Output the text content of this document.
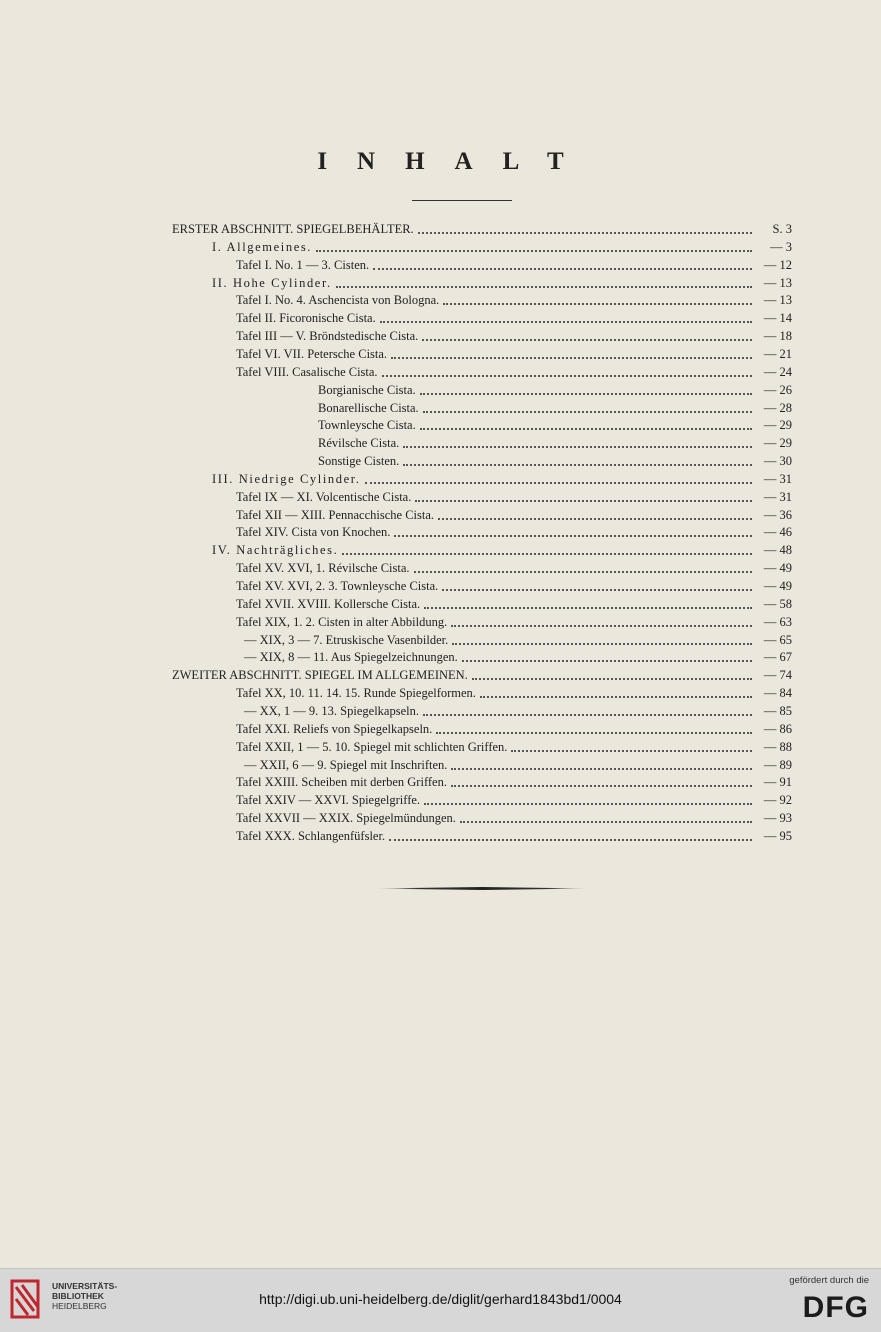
INHALT
ERSTER ABSCHNITT. SPIEGELBEHÄLTER.	S. 3
I. Allgemeines.	— 3
Tafel I. No. 1 — 3. Cisten.	— 12
II. Hohe Cylinder.	— 13
Tafel I. No. 4. Aschencista von Bologna.	— 13
Tafel II. Ficoronische Cista.	— 14
Tafel III — V. Bröndstedische Cista.	— 18
Tafel VI. VII. Petersche Cista.	— 21
Tafel VIII. Casalische Cista.	— 24
Borgianische Cista.	— 26
Bonarellische Cista.	— 28
Townleysche Cista.	— 29
Révilsche Cista.	— 29
Sonstige Cisten.	— 30
III. Niedrige Cylinder.	— 31
Tafel IX — XI. Volcentische Cista.	— 31
Tafel XII — XIII. Pennacchische Cista.	— 36
Tafel XIV. Cista von Knochen.	— 46
IV. Nachträgliches.	— 48
Tafel XV. XVI, 1. Révilsche Cista.	— 49
Tafel XV. XVI, 2. 3. Townleysche Cista.	— 49
Tafel XVII. XVIII. Kollersche Cista.	— 58
Tafel XIX, 1. 2. Cisten in alter Abbildung.	— 63
— XIX, 3 — 7. Etruskische Vasenbilder.	— 65
— XIX, 8 — 11. Aus Spiegelzeichnungen.	— 67
ZWEITER ABSCHNITT. SPIEGEL IM ALLGEMEINEN.	— 74
Tafel XX, 10. 11. 14. 15. Runde Spiegelformen.	— 84
— XX, 1 — 9. 13. Spiegelkapseln.	— 85
Tafel XXI. Reliefs von Spiegelkapseln.	— 86
Tafel XXII, 1 — 5. 10. Spiegel mit schlichten Griffen.	— 88
— XXII, 6 — 9. Spiegel mit Inschriften.	— 89
Tafel XXIII. Scheiben mit derben Griffen.	— 91
Tafel XXIV — XXVI. Spiegelgriffe.	— 92
Tafel XXVII — XXIX. Spiegelmündungen.	— 93
Tafel XXX. Schlangenfüfsler.	— 95
UNIVERSITÄTS-
BIBLIOTHEK
HEIDELBERG	http://digi.ub.uni-heidelberg.de/diglit/gerhard1843bd1/0004
gefördert durch die
DFG
